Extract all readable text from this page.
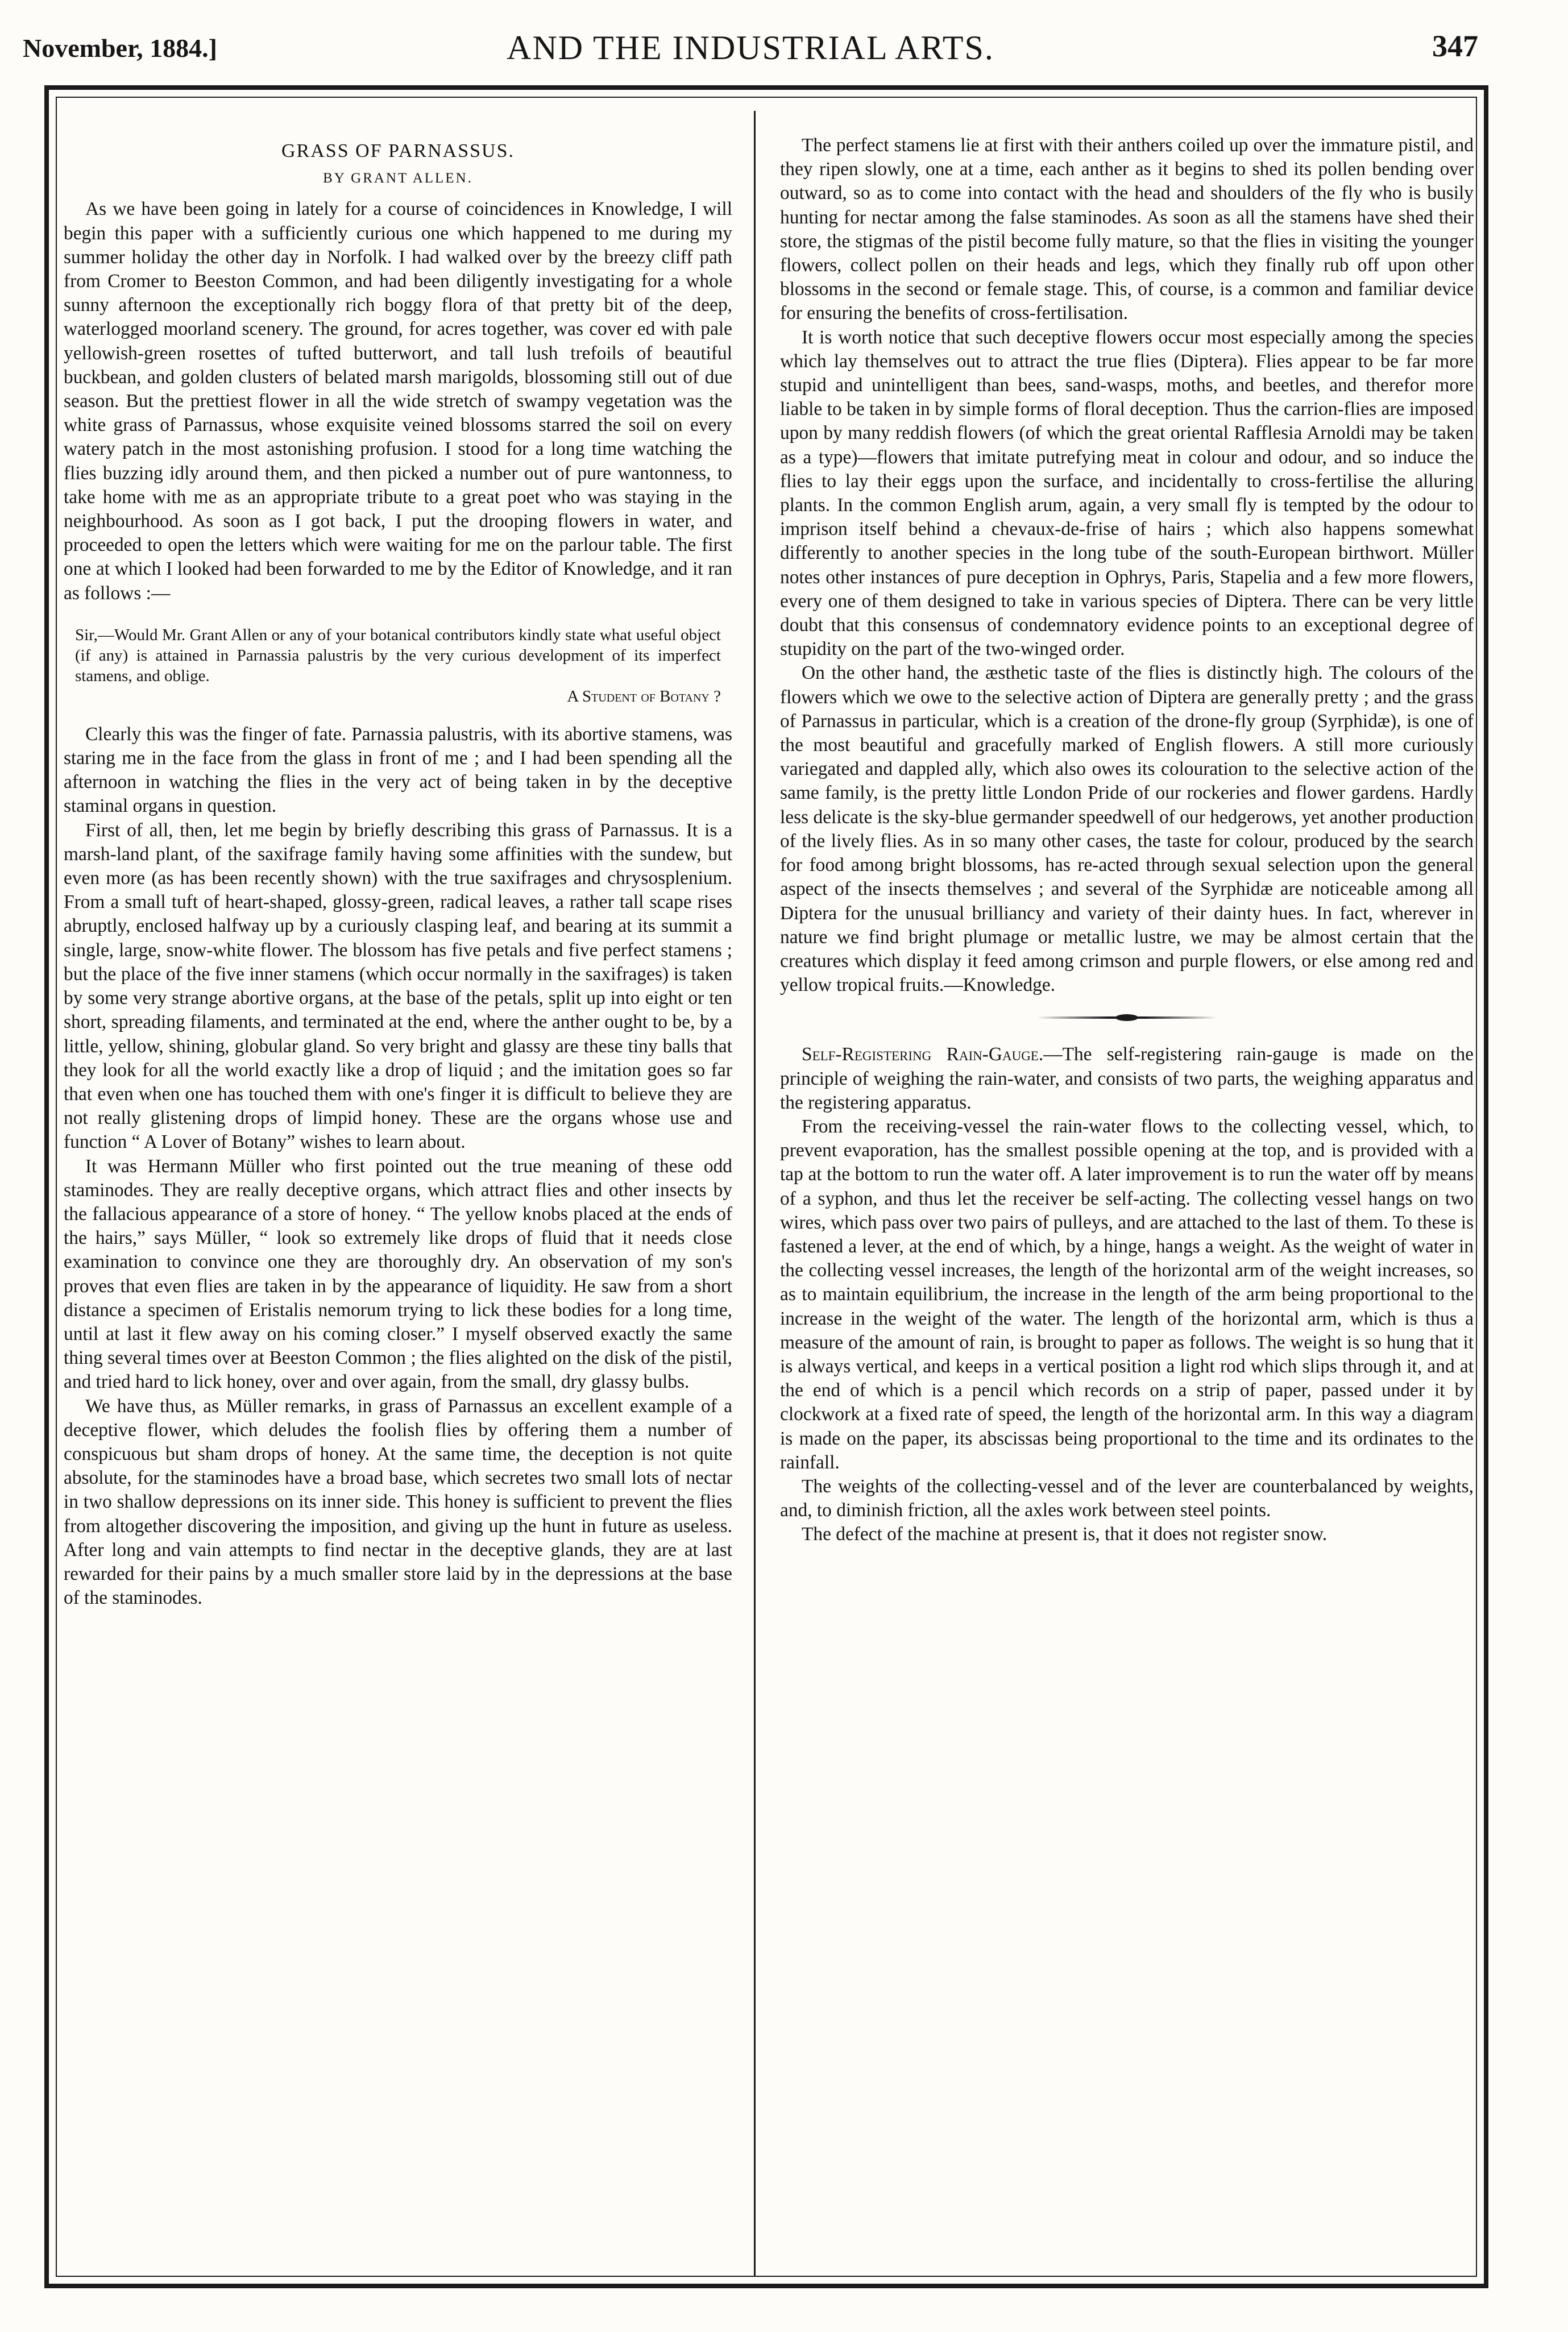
November, 1884.]	AND THE INDUSTRIAL ARTS.	347
GRASS OF PARNASSUS.
BY GRANT ALLEN.

As we have been going in lately for a course of coincidences in Knowledge, I will begin this paper with a sufficiently curious one which happened to me during my summer holiday the other day in Norfolk. I had walked over by the breezy cliff path from Cromer to Beeston Common, and had been diligently investigating for a whole sunny afternoon the exceptionally rich boggy flora of that pretty bit of the deep, waterlogged moorland scenery. The ground, for acres together, was cover ed with pale yellowish-green rosettes of tufted butterwort, and tall lush trefoils of beautiful buckbean, and golden clusters of belated marsh marigolds, blossoming still out of due season. But the prettiest flower in all the wide stretch of swampy vegetation was the white grass of Parnassus, whose exquisite veined blossoms starred the soil on every watery patch in the most astonishing profusion. I stood for a long time watching the flies buzzing idly around them, and then picked a number out of pure wantonness, to take home with me as an appropriate tribute to a great poet who was staying in the neighbourhood. As soon as I got back, I put the drooping flowers in water, and proceeded to open the letters which were waiting for me on the parlour table. The first one at which I looked had been forwarded to me by the Editor of Knowledge, and it ran as follows :—

Sir,—Would Mr. Grant Allen or any of your botanical contributors kindly state what useful object (if any) is attained in Parnassia palustris by the very curious development of its imperfect stamens, and oblige.
A Student of Botany ?

Clearly this was the finger of fate. Parnassia palustris, with its abortive stamens, was staring me in the face from the glass in front of me ; and I had been spending all the afternoon in watching the flies in the very act of being taken in by the deceptive staminal organs in question.

First of all, then, let me begin by briefly describing this grass of Parnassus. It is a marsh-land plant, of the saxifrage family having some affinities with the sundew, but even more (as has been recently shown) with the true saxifrages and chrysosplenium. From a small tuft of heart-shaped, glossy-green, radical leaves, a rather tall scape rises abruptly, enclosed halfway up by a curiously clasping leaf, and bearing at its summit a single, large, snow-white flower. The blossom has five petals and five perfect stamens ; but the place of the five inner stamens (which occur normally in the saxifrages) is taken by some very strange abortive organs, at the base of the petals, split up into eight or ten short, spreading filaments, and terminated at the end, where the anther ought to be, by a little, yellow, shining, globular gland. So very bright and glassy are these tiny balls that they look for all the world exactly like a drop of liquid ; and the imitation goes so far that even when one has touched them with one's finger it is difficult to believe they are not really glistening drops of limpid honey. These are the organs whose use and function “ A Lover of Botany” wishes to learn about.

It was Hermann Müller who first pointed out the true meaning of these odd staminodes. They are really deceptive organs, which attract flies and other insects by the fallacious appearance of a store of honey. “ The yellow knobs placed at the ends of the hairs,” says Müller, “ look so extremely like drops of fluid that it needs close examination to convince one they are thoroughly dry. An observation of my son's proves that even flies are taken in by the appearance of liquidity. He saw from a short distance a specimen of Eristalis nemorum trying to lick these bodies for a long time, until at last it flew away on his coming closer.” I myself observed exactly the same thing several times over at Beeston Common ; the flies alighted on the disk of the pistil, and tried hard to lick honey, over and over again, from the small, dry glassy bulbs.

We have thus, as Müller remarks, in grass of Parnassus an excellent example of a deceptive flower, which deludes the foolish flies by offering them a number of conspicuous but sham drops of honey. At the same time, the deception is not quite absolute, for the staminodes have a broad base, which secretes two small lots of nectar in two shallow depressions on its inner side. This honey is sufficient to prevent the flies from altogether discovering the imposition, and giving up the hunt in future as useless. After long and vain attempts to find nectar in the deceptive glands, they are at last rewarded for their pains by a much smaller store laid by in the depressions at the base of the staminodes.

The perfect stamens lie at first with their anthers coiled up over the immature pistil, and they ripen slowly, one at a time, each anther as it begins to shed its pollen bending over outward, so as to come into contact with the head and shoulders of the fly who is busily hunting for nectar among the false staminodes. As soon as all the stamens have shed their store, the stigmas of the pistil become fully mature, so that the flies in visiting the younger flowers, collect pollen on their heads and legs, which they finally rub off upon other blossoms in the second or female stage. This, of course, is a common and familiar device for ensuring the benefits of cross-fertilisation.

It is worth notice that such deceptive flowers occur most especially among the species which lay themselves out to attract the true flies (Diptera). Flies appear to be far more stupid and unintelligent than bees, sand-wasps, moths, and beetles, and therefor more liable to be taken in by simple forms of floral deception. Thus the carrion-flies are imposed upon by many reddish flowers (of which the great oriental Rafflesia Arnoldi may be taken as a type)—flowers that imitate putrefying meat in colour and odour, and so induce the flies to lay their eggs upon the surface, and incidentally to cross-fertilise the alluring plants. In the common English arum, again, a very small fly is tempted by the odour to imprison itself behind a chevaux-de-frise of hairs ; which also happens somewhat differently to another species in the long tube of the south-European birthwort. Müller notes other instances of pure deception in Ophrys, Paris, Stapelia and a few more flowers, every one of them designed to take in various species of Diptera. There can be very little doubt that this consensus of condemnatory evidence points to an exceptional degree of stupidity on the part of the two-winged order.

On the other hand, the æsthetic taste of the flies is distinctly high. The colours of the flowers which we owe to the selective action of Diptera are generally pretty ; and the grass of Parnassus in particular, which is a creation of the drone-fly group (Syrphidæ), is one of the most beautiful and gracefully marked of English flowers. A still more curiously variegated and dappled ally, which also owes its colouration to the selective action of the same family, is the pretty little London Pride of our rockeries and flower gardens. Hardly less delicate is the sky-blue germander speedwell of our hedgerows, yet another production of the lively flies. As in so many other cases, the taste for colour, produced by the search for food among bright blossoms, has re-acted through sexual selection upon the general aspect of the insects themselves ; and several of the Syrphidæ are noticeable among all Diptera for the unusual brilliancy and variety of their dainty hues. In fact, wherever in nature we find bright plumage or metallic lustre, we may be almost certain that the creatures which display it feed among crimson and purple flowers, or else among red and yellow tropical fruits.—Knowledge.

Self-Registering Rain-Gauge.—The self-registering rain-gauge is made on the principle of weighing the rain-water, and consists of two parts, the weighing apparatus and the registering apparatus.

From the receiving-vessel the rain-water flows to the collecting vessel, which, to prevent evaporation, has the smallest possible opening at the top, and is provided with a tap at the bottom to run the water off. A later improvement is to run the water off by means of a syphon, and thus let the receiver be self-acting. The collecting vessel hangs on two wires, which pass over two pairs of pulleys, and are attached to the last of them. To these is fastened a lever, at the end of which, by a hinge, hangs a weight. As the weight of water in the collecting vessel increases, the length of the horizontal arm of the weight increases, so as to maintain equilibrium, the increase in the length of the arm being proportional to the increase in the weight of the water. The length of the horizontal arm, which is thus a measure of the amount of rain, is brought to paper as follows. The weight is so hung that it is always vertical, and keeps in a vertical position a light rod which slips through it, and at the end of which is a pencil which records on a strip of paper, passed under it by clockwork at a fixed rate of speed, the length of the horizontal arm. In this way a diagram is made on the paper, its abscissas being proportional to the time and its ordinates to the rainfall.

The weights of the collecting-vessel and of the lever are counterbalanced by weights, and, to diminish friction, all the axles work between steel points.

The defect of the machine at present is, that it does not register snow.
